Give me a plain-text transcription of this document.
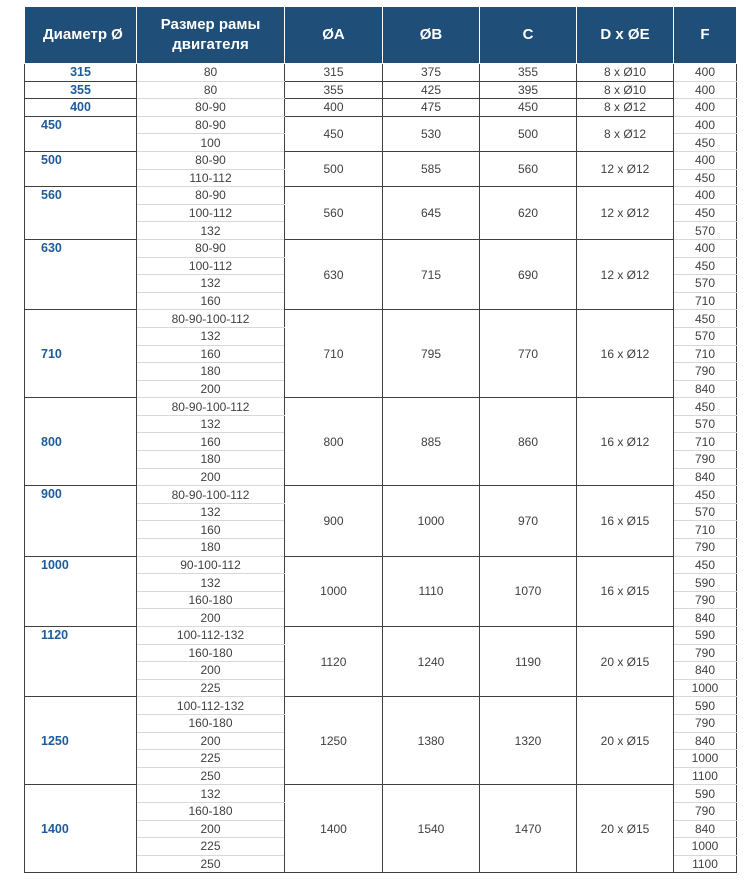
Диаметр Ø	Размер рамы
двигателя	ØA	ØB	C	D x ØE	F
315	80	315	375	355	8 x Ø10	400
355	80	355	425	395	8 x Ø10	400
400	80-90	400	475	450	8 x Ø12	400
450	80-90	450	530	500	8 x Ø12	400
	100					450
500	80-90	500	585	560	12 x Ø12	400
	110-112					450
560	80-90	560	645	620	12 x Ø12	400
	100-112					450
	132					570
630	80-90	630	715	690	12 x Ø12	400
	100-112					450
	132					570
	160					710
710	80-90-100-112	710	795	770	16 x Ø12	450
	132					570
	160					710
	180					790
	200					840
800	80-90-100-112	800	885	860	16 x Ø12	450
	132					570
	160					710
	180					790
	200					840
900	80-90-100-112	900	1000	970	16 x Ø15	450
	132					570
	160					710
	180					790
1000	90-100-112	1000	1110	1070	16 x Ø15	450
	132					590
	160-180					790
	200					840
1120	100-112-132	1120	1240	1190	20 x Ø15	590
	160-180					790
	200					840
	225					1000
1250	100-112-132	1250	1380	1320	20 x Ø15	590
	160-180					790
	200					840
	225					1000
	250					1100
1400	132	1400	1540	1470	20 x Ø15	590
	160-180					790
	200					840
	225					1000
	250					1100
